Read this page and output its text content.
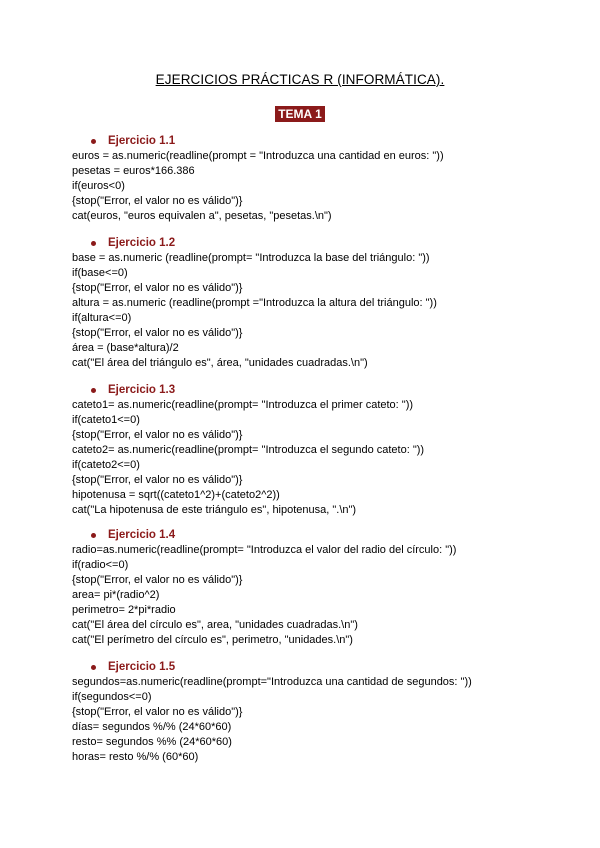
EJERCICIOS PRÁCTICAS R (INFORMÁTICA).
TEMA 1
Ejercicio 1.1
euros = as.numeric(readline(prompt = "Introduzca una cantidad en euros: "))
pesetas = euros*166.386
if(euros<0)
{stop("Error, el valor no es válido")}
cat(euros, "euros equivalen a", pesetas, "pesetas.\n")
Ejercicio 1.2
base = as.numeric (readline(prompt= "Introduzca la base del triángulo: "))
if(base<=0)
{stop("Error, el valor no es válido")}
altura = as.numeric (readline(prompt ="Introduzca la altura del triángulo: "))
if(altura<=0)
{stop("Error, el valor no es válido")}
área = (base*altura)/2
cat("El área del triángulo es", área, "unidades cuadradas.\n")
Ejercicio 1.3
cateto1= as.numeric(readline(prompt= "Introduzca el primer cateto: "))
if(cateto1<=0)
{stop("Error, el valor no es válido")}
cateto2= as.numeric(readline(prompt= "Introduzca el segundo cateto: "))
if(cateto2<=0)
{stop("Error, el valor no es válido")}
hipotenusa = sqrt((cateto1^2)+(cateto2^2))
cat("La hipotenusa de este triángulo es", hipotenusa, ".\n")
Ejercicio 1.4
radio=as.numeric(readline(prompt= "Introduzca el valor del radio del círculo: "))
if(radio<=0)
{stop("Error, el valor no es válido")}
area= pi*(radio^2)
perimetro= 2*pi*radio
cat("El área del círculo es", area, "unidades cuadradas.\n")
cat("El perímetro del círculo es", perimetro, "unidades.\n")
Ejercicio 1.5
segundos=as.numeric(readline(prompt="Introduzca una cantidad de segundos: "))
if(segundos<=0)
{stop("Error, el valor no es válido")}
días= segundos %/% (24*60*60)
resto= segundos %% (24*60*60)
horas= resto %/% (60*60)
